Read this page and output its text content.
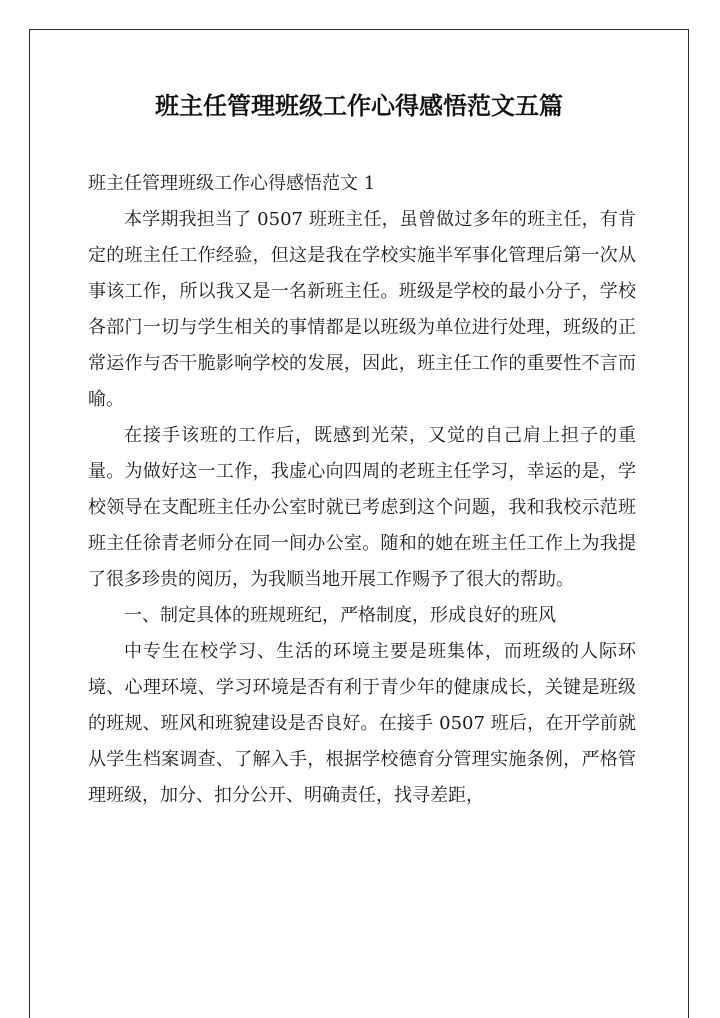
班主任管理班级工作心得感悟范文五篇

班主任管理班级工作心得感悟范文 1

本学期我担当了 0507 班班主任，虽曾做过多年的班主任，有肯定的班主任工作经验，但这是我在学校实施半军事化管理后第一次从事该工作，所以我又是一名新班主任。班级是学校的最小分子，学校各部门一切与学生相关的事情都是以班级为单位进行处理，班级的正常运作与否干脆影响学校的发展，因此，班主任工作的重要性不言而喻。

在接手该班的工作后，既感到光荣，又觉的自己肩上担子的重量。为做好这一工作，我虚心向四周的老班主任学习，幸运的是，学校领导在支配班主任办公室时就已考虑到这个问题，我和我校示范班班主任徐青老师分在同一间办公室。随和的她在班主任工作上为我提了很多珍贵的阅历，为我顺当地开展工作赐予了很大的帮助。

一、制定具体的班规班纪，严格制度，形成良好的班风

中专生在校学习、生活的环境主要是班集体，而班级的人际环境、心理环境、学习环境是否有利于青少年的健康成长，关键是班级的班规、班风和班貌建设是否良好。在接手 0507 班后，在开学前就从学生档案调查、了解入手，根据学校德育分管理实施条例，严格管理班级，加分、扣分公开、明确责任，找寻差距，
